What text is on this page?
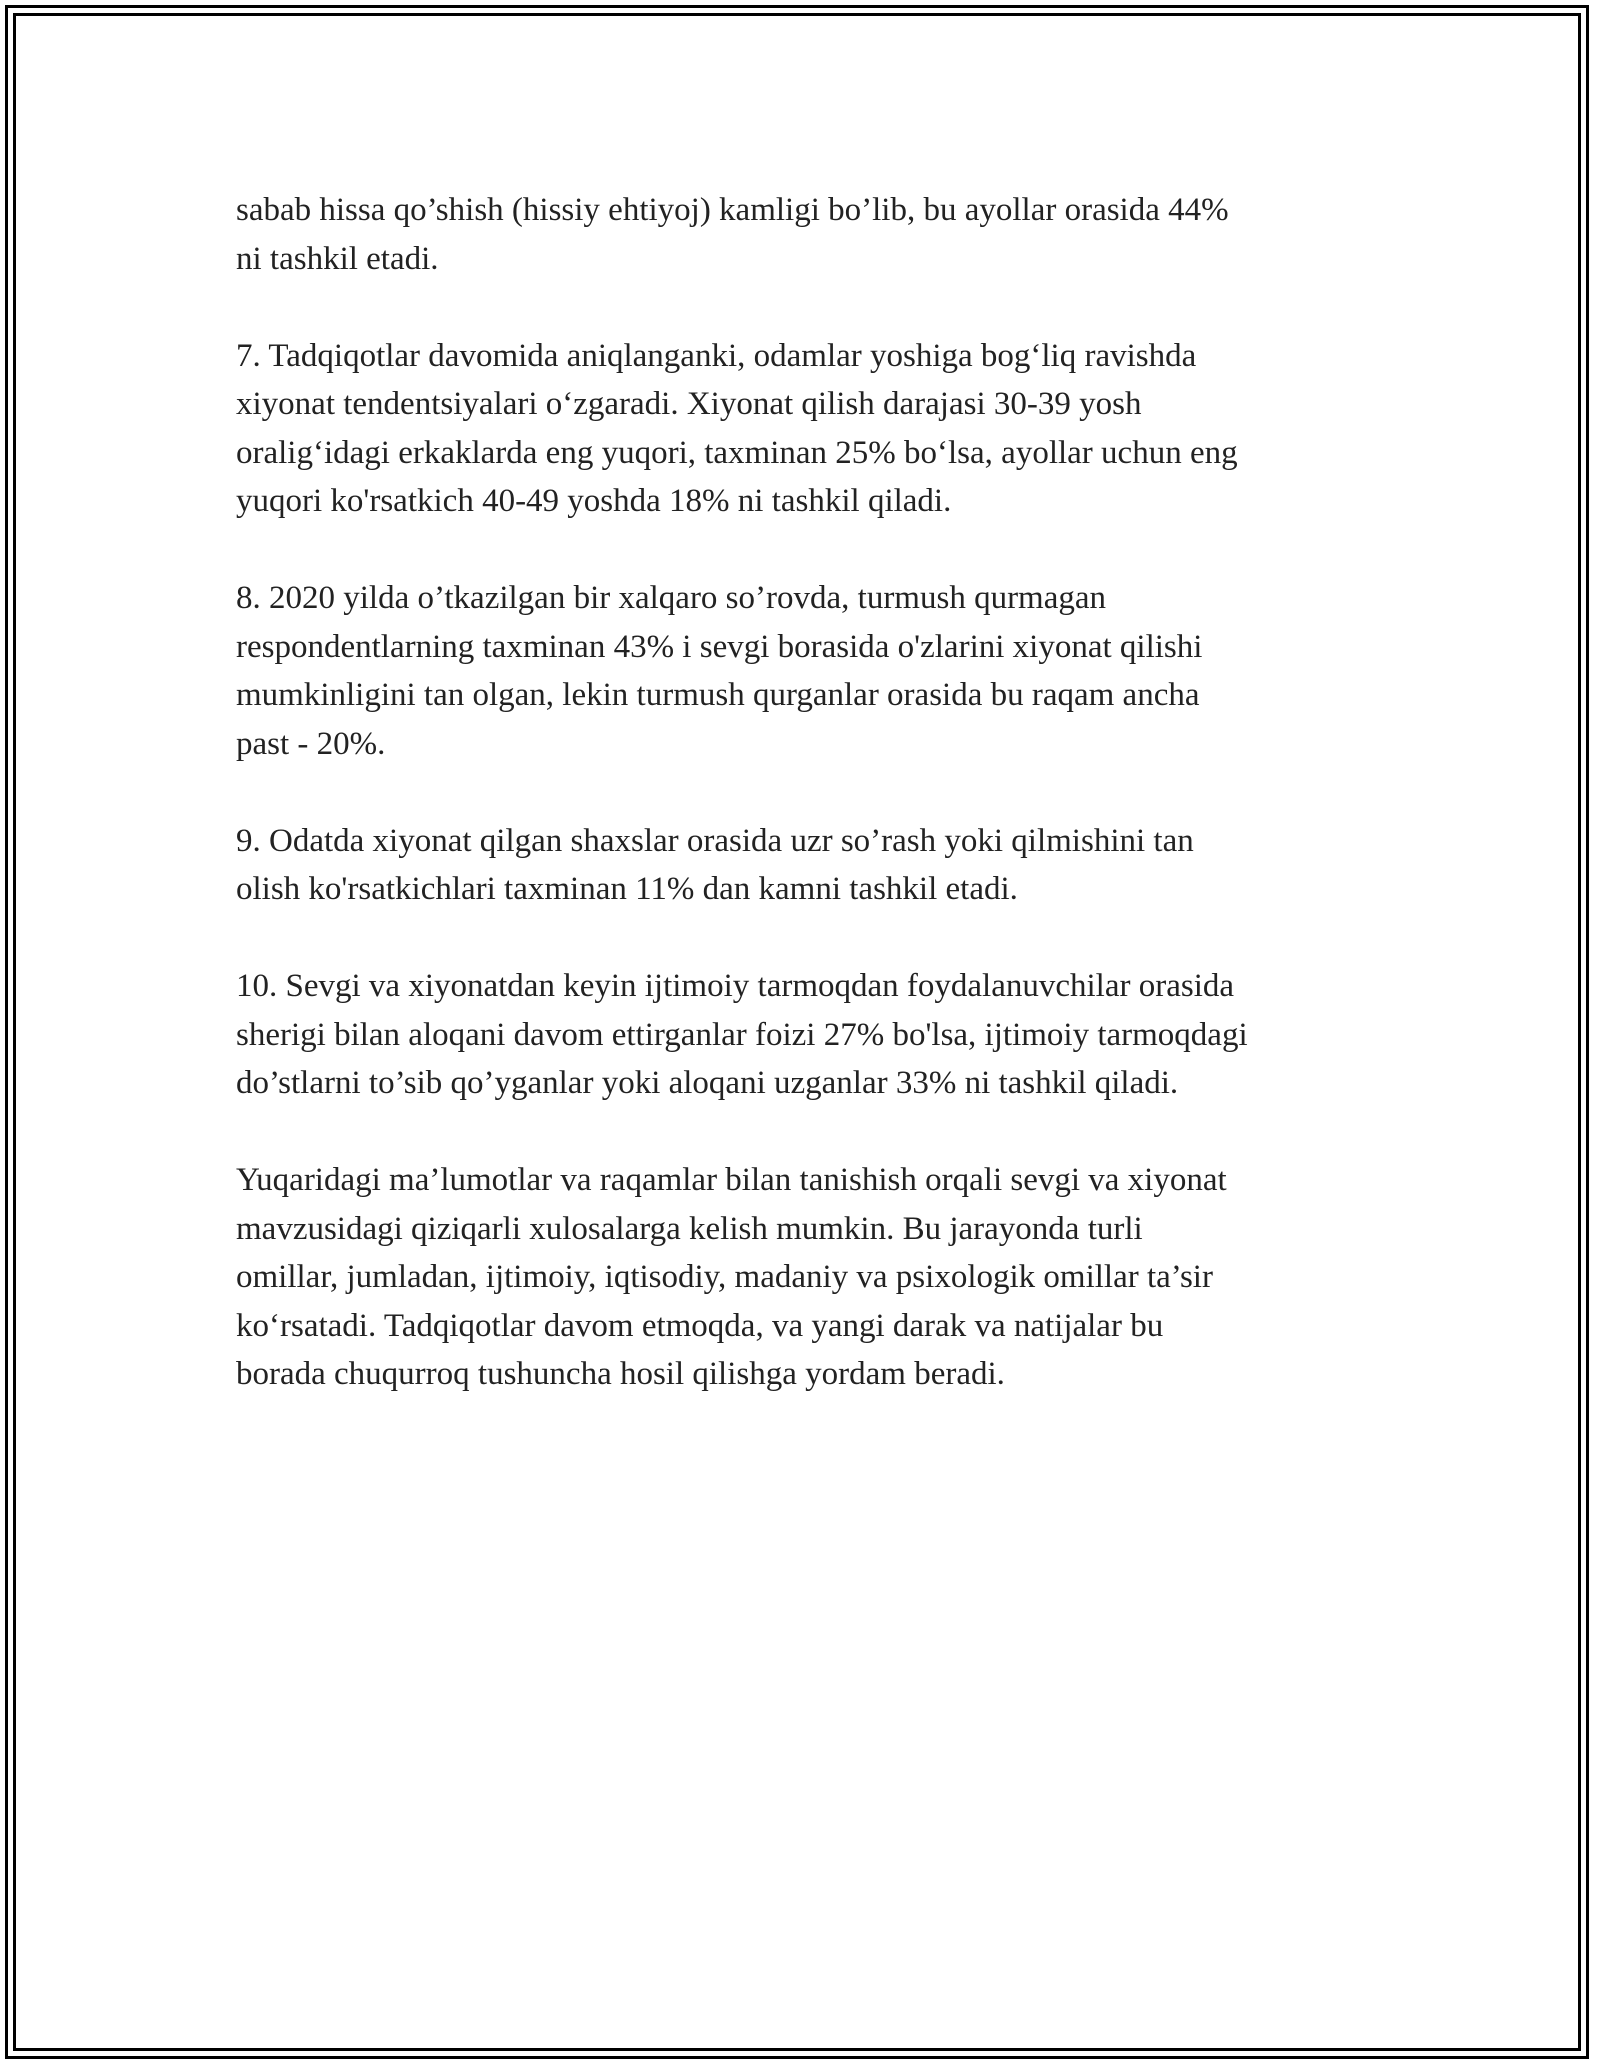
sabab hissa qo’shish (hissiy ehtiyoj) kamligi bo’lib, bu ayollar orasida 44%
ni tashkil etadi.

7. Tadqiqotlar davomida aniqlanganki, odamlar yoshiga bog‘liq ravishda
xiyonat tendentsiyalari o‘zgaradi. Xiyonat qilish darajasi 30-39 yosh
oralig‘idagi erkaklarda eng yuqori, taxminan 25% bo‘lsa, ayollar uchun eng
yuqori ko'rsatkich 40-49 yoshda 18% ni tashkil qiladi.

8. 2020 yilda o’tkazilgan bir xalqaro so’rovda, turmush qurmagan
respondentlarning taxminan 43% i sevgi borasida o'zlarini xiyonat qilishi
mumkinligini tan olgan, lekin turmush qurganlar orasida bu raqam ancha
past - 20%.

9. Odatda xiyonat qilgan shaxslar orasida uzr so’rash yoki qilmishini tan
olish ko'rsatkichlari taxminan 11% dan kamni tashkil etadi.

10. Sevgi va xiyonatdan keyin ijtimoiy tarmoqdan foydalanuvchilar orasida
sherigi bilan aloqani davom ettirganlar foizi 27% bo'lsa, ijtimoiy tarmoqdagi
do’stlarni to’sib qo’yganlar yoki aloqani uzganlar 33% ni tashkil qiladi.

Yuqaridagi ma’lumotlar va raqamlar bilan tanishish orqali sevgi va xiyonat
mavzusidagi qiziqarli xulosalarga kelish mumkin. Bu jarayonda turli
omillar, jumladan, ijtimoiy, iqtisodiy, madaniy va psixologik omillar ta’sir
ko‘rsatadi. Tadqiqotlar davom etmoqda, va yangi darak va natijalar bu
borada chuqurroq tushuncha hosil qilishga yordam beradi.
